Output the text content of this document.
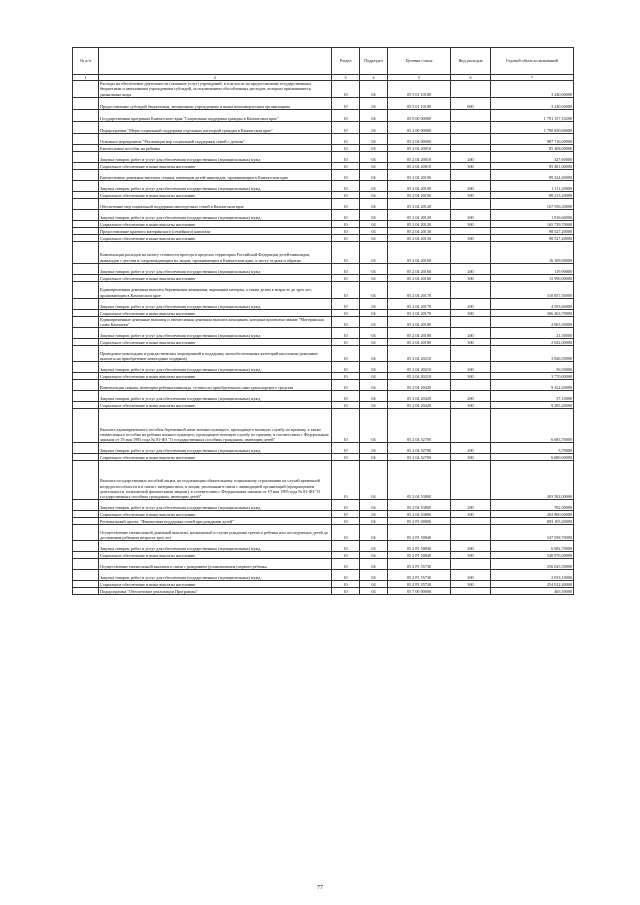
№ п/п		Раздел	Подраздел	Целевая статья	Вид расходов	Годовой объем ассигнований
1	2	3	4	5	6	7
	Расходы на обеспечение деятельности (оказание услуг) учреждений, в том числе на предоставление государственным бюджетным и автономным учреждениям субсидий, за исключением обособленных расходов, которым присваиваются уникальные коды	10	04	05 5 01 10180		3 240,00000
	Предоставление субсидий бюджетным, автономным учреждениям и иным некоммерческим организациям	10	04	05 5 01 10180	600	3 240,00000
	Государственная программа Камчатского края "Социальная поддержка граждан в Камчатском крае"	10	04	05 0 00 00000		1 791 157,10200
	Подпрограмма "Меры социальной поддержки отдельных категорий граждан в Камчатском крае"	10	04	05 2 00 00000		1 790 850,60000
	Основное мероприятие "Реализация мер социальной поддержки семей с детьми"	10	04	05 2 04 00000		987 716,00000
	Ежемесячное пособие на ребенка	10	04	05 2 04 20010		85 408,00000
	Закупка товаров, работ и услуг для обеспечения государственных (муниципальных) нужд	10	04	05 2 04 20010	200	327,60000
	Социальное обеспечение и иные выплаты населению	10	04	05 2 04 20010	300	85 481,00000
	Ежемесячные денежные выплаты семьям, имеющим детей-инвалидов, проживающим в Камчатском крае	10	04	05 2 04 20100		89 324,40000
	Закупка товаров, работ и услуг для обеспечения государственных (муниципальных) нужд	10	04	05 2 04 20100	200	1 111,20000
	Социальное обеспечение и иные выплаты населению	10	04	05 2 04 20100	300	88 213,20000
	Обеспечение мер социальной поддержки многодетных семей в Камчатском крае	10	04	05 2 04 20120		167 556,30000
	Закупка товаров, работ и услуг для обеспечения государственных (муниципальных) нужд	10	04	05 2 04 20120	200	1 816,60000
	Социальное обеспечение и иные выплаты населению	10	04	05 2 04 20120	300	165 739,70000
	Предоставление краевого материнского (семейного) капитала	10	04	05 2 04 20130		98 527,20000
	Социальное обеспечение и иные выплаты населению	10	04	05 2 04 20130	300	98 527,20000
	Компенсация расходов на оплату стоимости проезда в пределах территории Российской Федерации детей-инвалидов, инвалидов с детства и сопровождающим их лицам, проживающим в Камчатском крае, к месту отдыха и обратно	10	04	05 2 04 20160		16 109,90000
	Закупка товаров, работ и услуг для обеспечения государственных (муниципальных) нужд	10	04	05 2 04 20160	200	119,90000
	Социальное обеспечение и иные выплаты населению	10	04	05 2 04 20160	300	15 990,00000
	Единовременная денежная выплата беременным женщинам, кормящим матерям, а также детям в возрасте до трех лет, проживающим в Камчатском крае	10	04	05 2 04 20170		310 857,30000
	Закупка товаров, работ и услуг для обеспечения государственных (муниципальных) нужд	10	04	05 2 04 20170	200	4 593,60000
	Социальное обеспечение и иные выплаты населению	10	04	05 2 04 20170	300	306 263,70000
	Единовременные денежные выплаты и ежемесячная денежная выплата женщинам, которым присвоено звание "Материнская слава Камчатки"	10	04	05 2 04 20180		2 063,30000
	Закупка товаров, работ и услуг для обеспечения государственных (муниципальных) нужд	10	04	05 2 04 20180	200	21,30000
	Социальное обеспечение и иные выплаты населению	10	04	05 2 04 20180	300	2 042,00000
	Проведение новогодних и рождественских мероприятий в поддержку малообеспеченных категорий населения (денежные выплаты на приобретение новогодних подарков)	10	04	05 2 04 20210		3 826,50000
	Закупка товаров, работ и услуг для обеспечения государственных (муниципальных) нужд	10	04	05 2 04 20210	200	56,50000
	Социальное обеспечение и иные выплаты населению	10	04	05 2 04 20210	300	3 770,00000
	Компенсация семьям, имеющим ребенка-инвалида, стоимости приобретенного ими транспортного средства	10	04	05 2 04 20420		9 322,20000
	Закупка товаров, работ и услуг для обеспечения государственных (муниципальных) нужд	10	04	05 2 04 20420	200	37,10000
	Социальное обеспечение и иные выплаты населению	10	04	05 2 04 20420	300	9 285,20000
	Выплата единовременного пособия беременной жене военнослужащего, проходящего военную службу по призыву, а также ежемесячного пособия на ребенка военнослужащего, проходящего военную службу по призыву, в соответствии с Федеральным законом от 19 мая 1995 года № 81-ФЗ "О государственных пособиях гражданам, имеющим детей"	10	04	05 2 04 52700		6 685,70000
	Закупка товаров, работ и услуг для обеспечения государственных (муниципальных) нужд	10	04	05 2 04 52700	200	5,70000
	Социальное обеспечение и иные выплаты населению	10	04	05 2 04 52700	300	6 680,00000
	Выплата государственных пособий лицам, не подлежащим обязательному социальному страхованию на случай временной нетрудоспособности и в связи с материнством, и лицам, уволенным в связи с ликвидацией организаций (прекращением деятельности, полномочий физическими лицами), в соответствии с Федеральным законом от 19 мая 1995 года № 81-ФЗ "О государственных пособиях гражданам, имеющим детей"	10	04	05 2 04 53800		203 582,00000
	Закупка товаров, работ и услуг для обеспечения государственных (муниципальных) нужд	10	04	05 2 04 53800	200	782,00000
	Социальное обеспечение и иные выплаты населению	10	04	05 2 04 53800	300	202 800,00000
	Региональный проект "Финансовая поддержка семей при рождении детей"	10	04	05 2 P1 00000		803 105,20000
	Осуществление ежемесячной денежной выплаты, назначаемой в случае рождения третьего ребенка или последующих детей до достижения ребенком возраста трех лет	10	04	05 2 P1 50840		547 058,70000
	Закупка товаров, работ и услуг для обеспечения государственных (муниципальных) нужд	10	04	05 2 P1 50840	200	6 082,70000
	Социальное обеспечение и иные выплаты населению	10	04	05 2 P1 50840	300	540 976,00000
	Осуществление ежемесячной выплаты в связи с рождением (усыновлением) первого ребенка	10	04	05 2 P1 55730		256 045,50000
	Закупка товаров, работ и услуг для обеспечения государственных (муниципальных) нужд	10	04	05 2 P1 55730	200	2 033,10000
	Социальное обеспечение и иные выплаты населению	10	04	05 2 P1 55730	300	254 012,40000
	Подпрограмма "Обеспечение реализации Программы"	10	04	05 7 00 00000		465,50000
77
